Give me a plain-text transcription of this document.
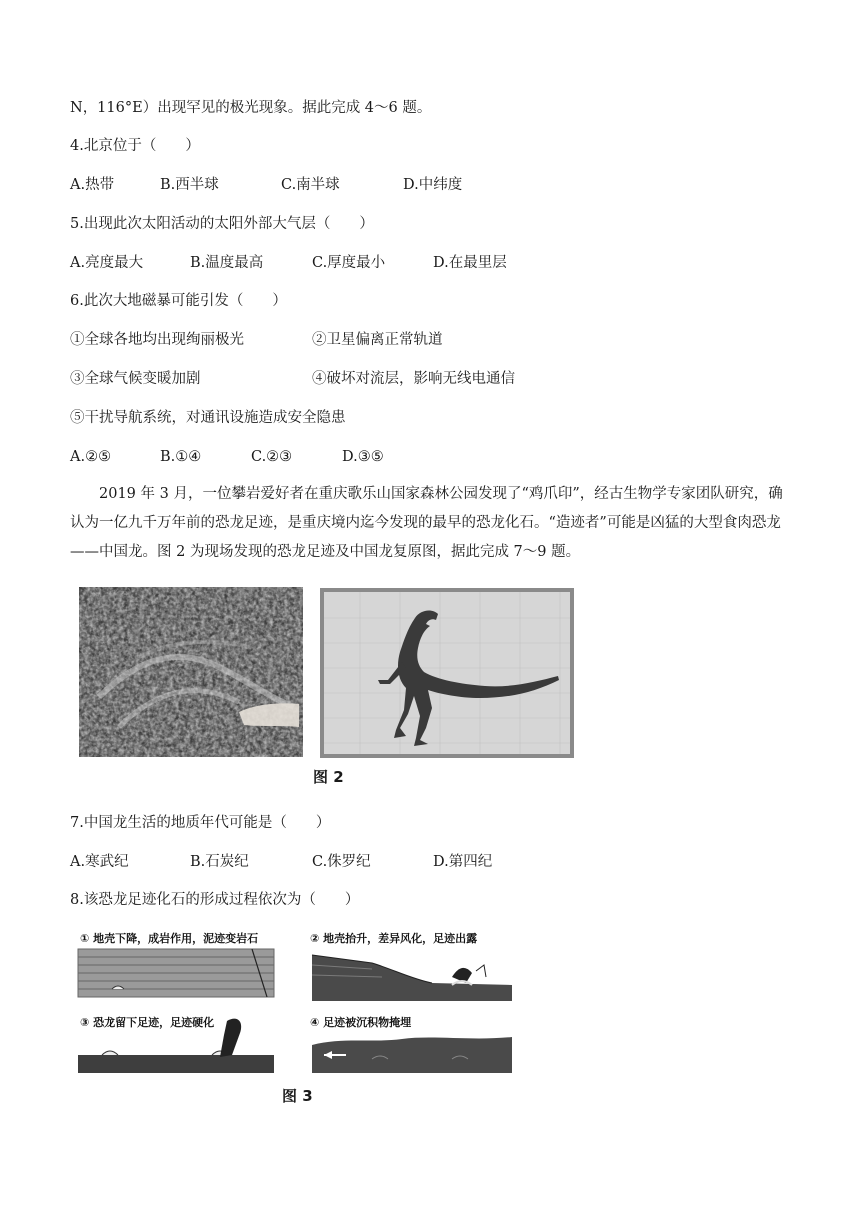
N，116°E）出现罕见的极光现象。据此完成 4～6 题。
4.北京位于（　　）
A.热带	B.西半球	C.南半球	D.中纬度
5.出现此次太阳活动的太阳外部大气层（　　）
A.亮度最大	B.温度最高	C.厚度最小	D.在最里层
6.此次大地磁暴可能引发（　　）
①全球各地均出现绚丽极光	②卫星偏离正常轨道
③全球气候变暖加剧	④破坏对流层，影响无线电通信
⑤干扰导航系统，对通讯设施造成安全隐患
A.②⑤	B.①④	C.②③	D.③⑤
2019 年 3 月，一位攀岩爱好者在重庆歌乐山国家森林公园发现了“鸡爪印”，经古生物学专家团队研究，确认为一亿九千万年前的恐龙足迹，是重庆境内迄今发现的最早的恐龙化石。“造迹者”可能是凶猛的大型食肉恐龙——中国龙。图 2 为现场发现的恐龙足迹及中国龙复原图，据此完成 7～9 题。
图 2
7.中国龙生活的地质年代可能是（　　）
A.寒武纪	B.石炭纪	C.侏罗纪	D.第四纪
8.该恐龙足迹化石的形成过程依次为（　　）
① 地壳下降，成岩作用，泥迹变岩石	② 地壳抬升，差异风化，足迹出露
③ 恐龙留下足迹，足迹硬化	④ 足迹被沉积物掩埋
图 3
